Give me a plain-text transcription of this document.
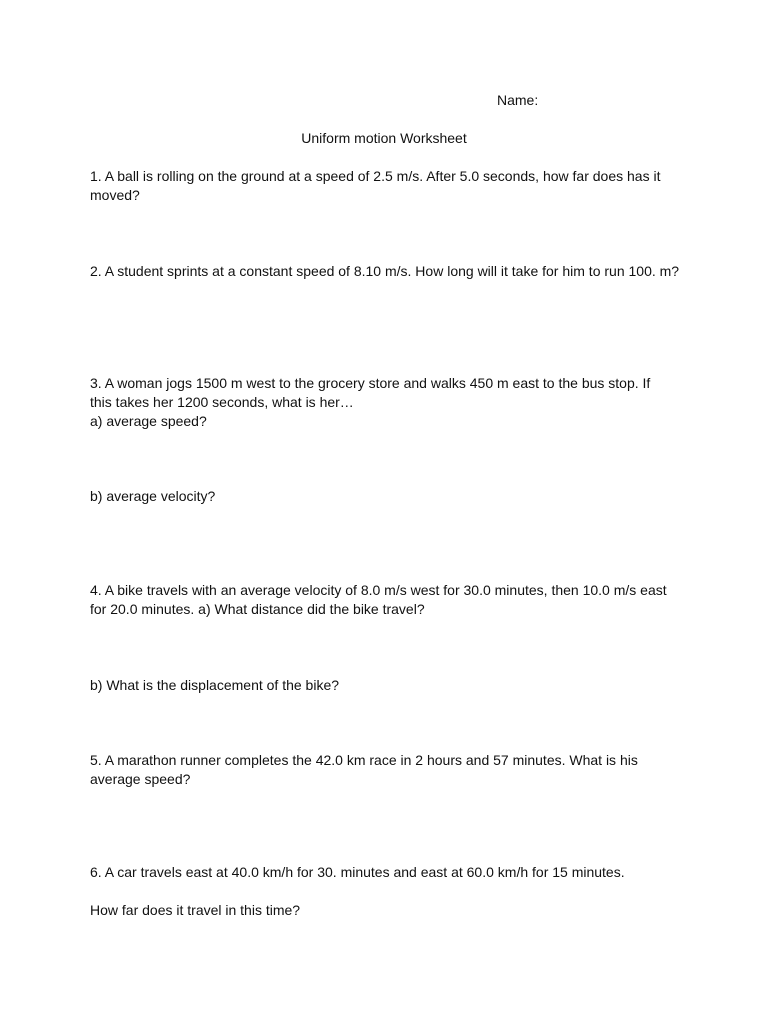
Name:
Uniform motion Worksheet
1. A ball is rolling on the ground at a speed of 2.5 m/s. After 5.0 seconds, how far does has it moved?
2. A student sprints at a constant speed of 8.10 m/s. How long will it take for him to run 100. m?
3. A woman jogs 1500 m west to the grocery store and walks 450 m east to the bus stop. If this takes her 1200 seconds, what is her…
a) average speed?
b) average velocity?
4. A bike travels with an average velocity of 8.0 m/s west for 30.0 minutes, then 10.0 m/s east for 20.0 minutes. a) What distance did the bike travel?
b) What is the displacement of the bike?
5. A marathon runner completes the 42.0 km race in 2 hours and 57 minutes. What is his average speed?
6. A car travels east at 40.0 km/h for 30. minutes and east at 60.0 km/h for 15 minutes.
How far does it travel in this time?
